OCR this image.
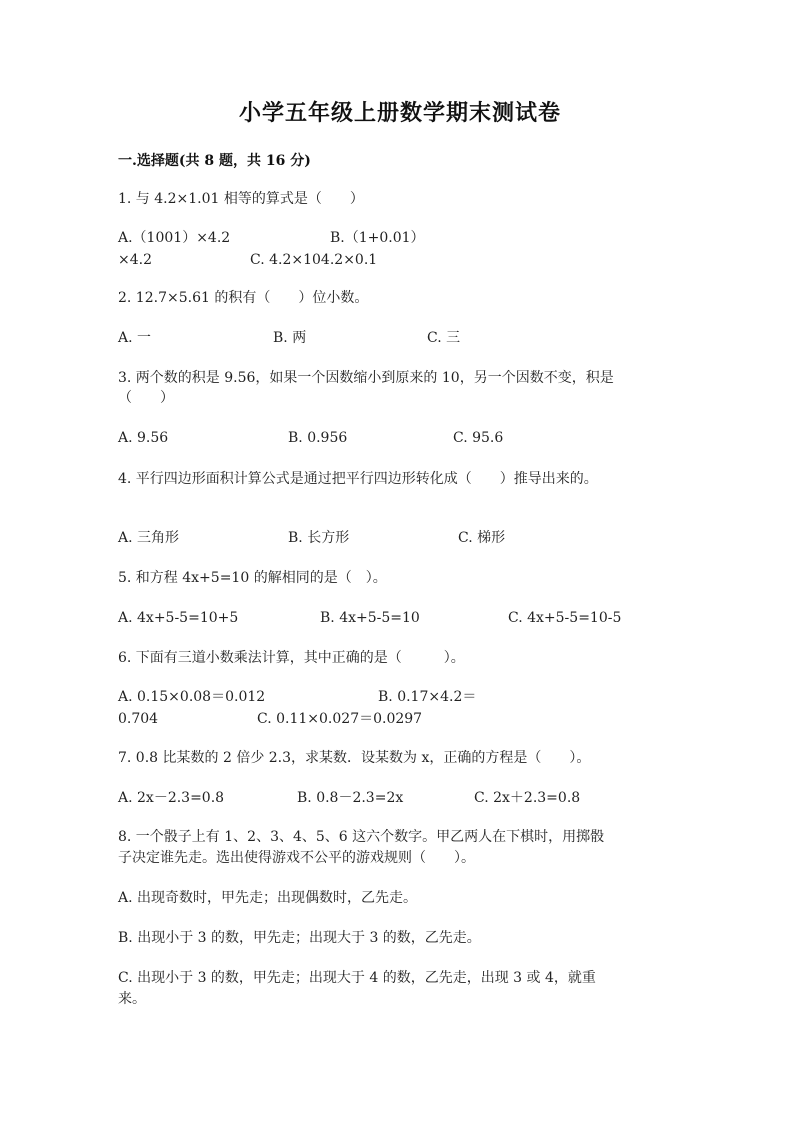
小学五年级上册数学期末测试卷
一.选择题(共 8 题，共 16 分)
1. 与 4.2×1.01 相等的算式是（　　）
A.（1001）×4.2	B.（1+0.01）
×4.2	C. 4.2×104.2×0.1
2. 12.7×5.61 的积有（　　）位小数。
A. 一	B. 两	C. 三
3. 两个数的积是 9.56，如果一个因数缩小到原来的 10，另一个因数不变，积是
（　　）
A. 9.56	B. 0.956	C. 95.6
4. 平行四边形面积计算公式是通过把平行四边形转化成（　　）推导出来的。
A. 三角形	B. 长方形	C. 梯形
5. 和方程 4x+5=10 的解相同的是（　）。
A. 4x+5-5=10+5	B. 4x+5-5=10	C. 4x+5-5=10-5
6. 下面有三道小数乘法计算，其中正确的是（　　　）。
A. 0.15×0.08＝0.012	B. 0.17×4.2＝
0.704	C. 0.11×0.027＝0.0297
7. 0.8 比某数的 2 倍少 2.3，求某数．设某数为 x，正确的方程是（　　）。
A. 2x－2.3=0.8	B. 0.8－2.3=2x	C. 2x＋2.3=0.8
8. 一个骰子上有 1、2、3、4、5、6 这六个数字。甲乙两人在下棋时，用掷骰
子决定谁先走。选出使得游戏不公平的游戏规则（　　）。
A. 出现奇数时，甲先走；出现偶数时，乙先走。
B. 出现小于 3 的数，甲先走；出现大于 3 的数，乙先走。
C. 出现小于 3 的数，甲先走；出现大于 4 的数，乙先走，出现 3 或 4，就重
来。
